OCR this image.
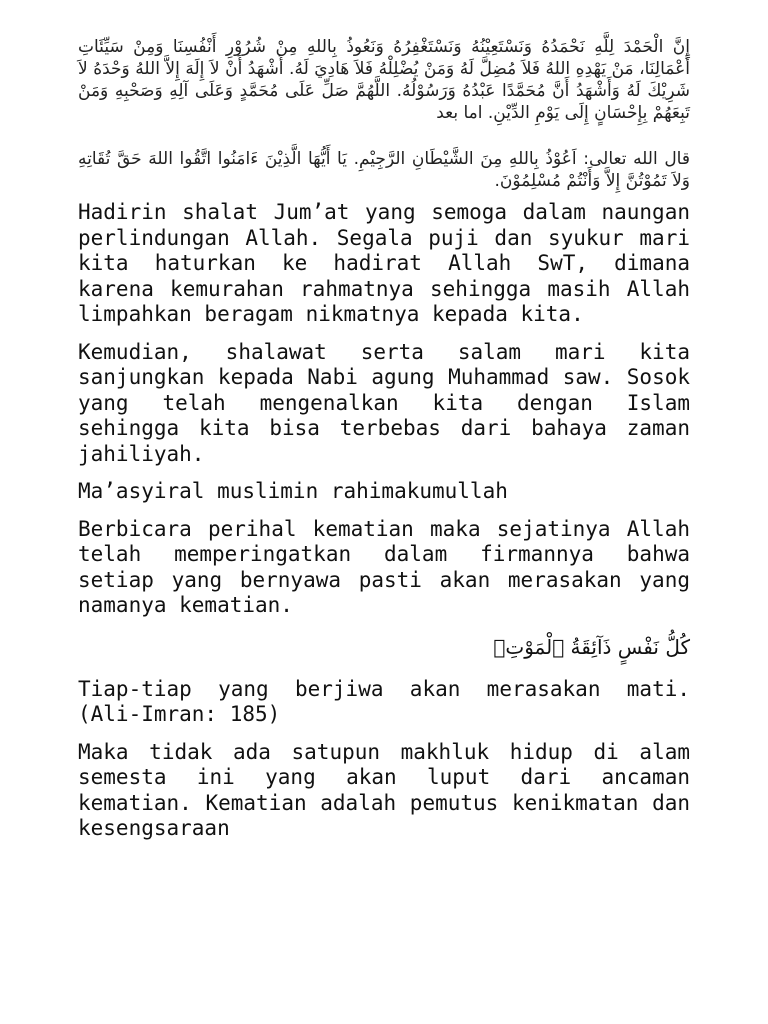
إِنَّ الْحَمْدَ لِلَّهِ نَحْمَدُهُ وَنَسْتَعِيْنُهُ وَنَسْتَغْفِرُهُ وَنَعُوذُ بِاللهِ مِنْ شُرُوْرِ أَنْفُسِنَا وَمِنْ سَيِّئَاتِ أَعْمَالِنَا، مَنْ يَهْدِهِ اللهُ فَلاَ مُضِلَّ لَهُ وَمَنْ يُضْلِلْهُ فَلاَ هَادِيَ لَهُ. أَشْهَدُ أَنْ لاَ إِلَهَ إِلاَّ اللهُ وَحْدَهُ لاَ شَرِيْكَ لَهُ وَأَشْهَدُ أَنَّ مُحَمَّدًا عَبْدُهُ وَرَسُوْلُهُ. اللَّهُمَّ صَلِّ عَلَى مُحَمَّدٍ وَعَلَى آلِهِ وَصَحْبِهِ وَمَنْ تَبِعَهُمْ بِإِحْسَانٍ إِلَى يَوْمِ الدِّيْنِ. اما بعد

قال الله تعالى: اَعُوْذُ بِاللهِ مِنَ الشَّيْطَانِ الرَّجِيْمِ. يَا أَيُّهَا الَّذِيْنَ ءَامَنُوا اتَّقُوا اللهَ حَقَّ تُقَاتِهِ وَلاَ تَمُوْتُنَّ إِلاَّ وَأَنْتُمْ مُسْلِمُوْنَ.

Hadirin shalat Jum’at yang semoga dalam naungan perlindungan Allah. Segala puji dan syukur mari kita haturkan ke hadirat Allah SwT, dimana karena kemurahan rahmatnya sehingga masih Allah limpahkan beragam nikmatnya kepada kita.

Kemudian, shalawat serta salam mari kita sanjungkan kepada Nabi agung Muhammad saw. Sosok yang telah mengenalkan kita dengan Islam sehingga kita bisa terbebas dari bahaya zaman jahiliyah.

Ma’asyiral muslimin rahimakumullah

Berbicara perihal kematian maka sejatinya Allah telah memperingatkan dalam firmannya bahwa setiap yang bernyawa pasti akan merasakan yang namanya kematian.

كُلُّ نَفْسٍ ذَآئِقَةُ ٱلْمَوْتِۗ

Tiap-tiap yang berjiwa akan merasakan mati. (Ali-Imran: 185)

Maka tidak ada satupun makhluk hidup di alam semesta ini yang akan luput dari ancaman kematian. Kematian adalah pemutus kenikmatan dan kesengsaraan
